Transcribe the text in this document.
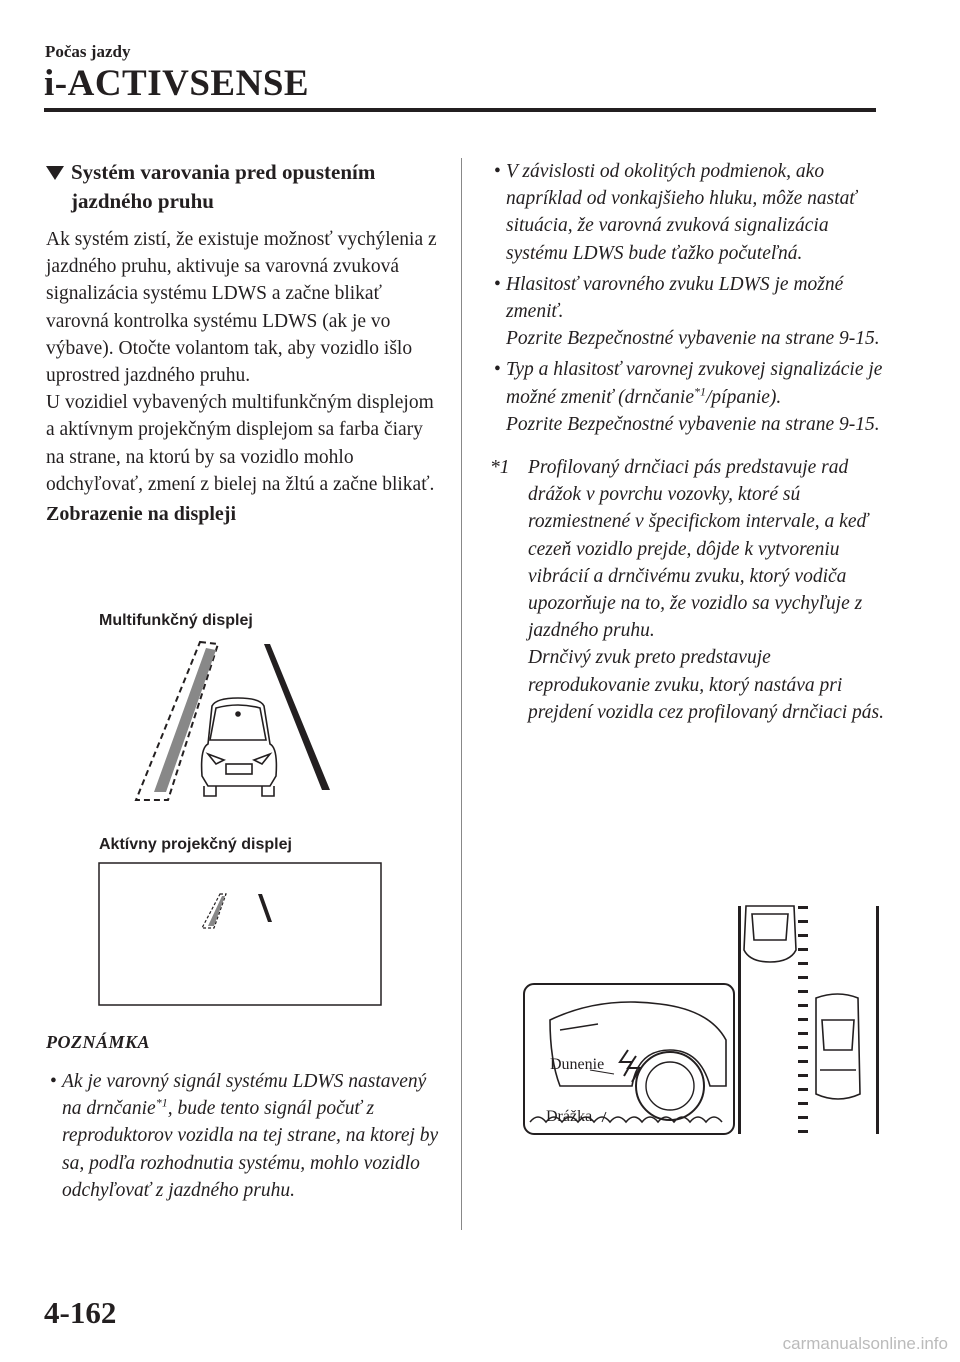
Počas jazdy
i-ACTIVSENSE
Systém varovania pred opustením
jazdného pruhu
Ak systém zistí, že existuje možnosť vychýlenia z jazdného pruhu, aktivuje sa varovná zvuková signalizácia systému LDWS a začne blikať varovná kontrolka systému LDWS (ak je vo výbave). Otočte volantom tak, aby vozidlo išlo uprostred jazdného pruhu.
U vozidiel vybavených multifunkčným displejom a aktívnym projekčným displejom sa farba čiary na strane, na ktorú by sa vozidlo mohlo odchyľovať, zmení z bielej na žltú a začne blikať.
Zobrazenie na displeji
Multifunkčný displej
Aktívny projekčný displej
POZNÁMKA
• Ak je varovný signál systému LDWS nastavený na drnčanie$^{*1}$, bude tento signál počuť z reproduktorov vozidla na tej strane, na ktorej by sa, podľa rozhodnutia systému, mohlo vozidlo odchyľovať z jazdného pruhu.
• V závislosti od okolitých podmienok, ako napríklad od vonkajšieho hluku, môže nastať situácia, že varovná zvuková signalizácia systému LDWS bude ťažko počuteľná.
• Hlasitosť varovného zvuku LDWS je možné zmeniť.
Pozrite Bezpečnostné vybavenie na strane 9-15.
• Typ a hlasitosť varovnej zvukovej signalizácie je možné zmeniť (drnčanie$^{*1}$/pípanie).
Pozrite Bezpečnostné vybavenie na strane 9-15.
*1 Profilovaný drnčiaci pás predstavuje rad drážok v povrchu vozovky, ktoré sú rozmiestnené v špecifickom intervale, a keď cezeň vozidlo prejde, dôjde k vytvoreniu vibrácií a drnčivému zvuku, ktorý vodiča upozorňuje na to, že vozidlo sa vychyľuje z jazdného pruhu.
Drnčivý zvuk preto predstavuje reprodukovanie zvuku, ktorý nastáva pri prejdení vozidla cez profilovaný drnčiaci pás.
Dunenie
Drážka
4-162
carmanualsonline.info
